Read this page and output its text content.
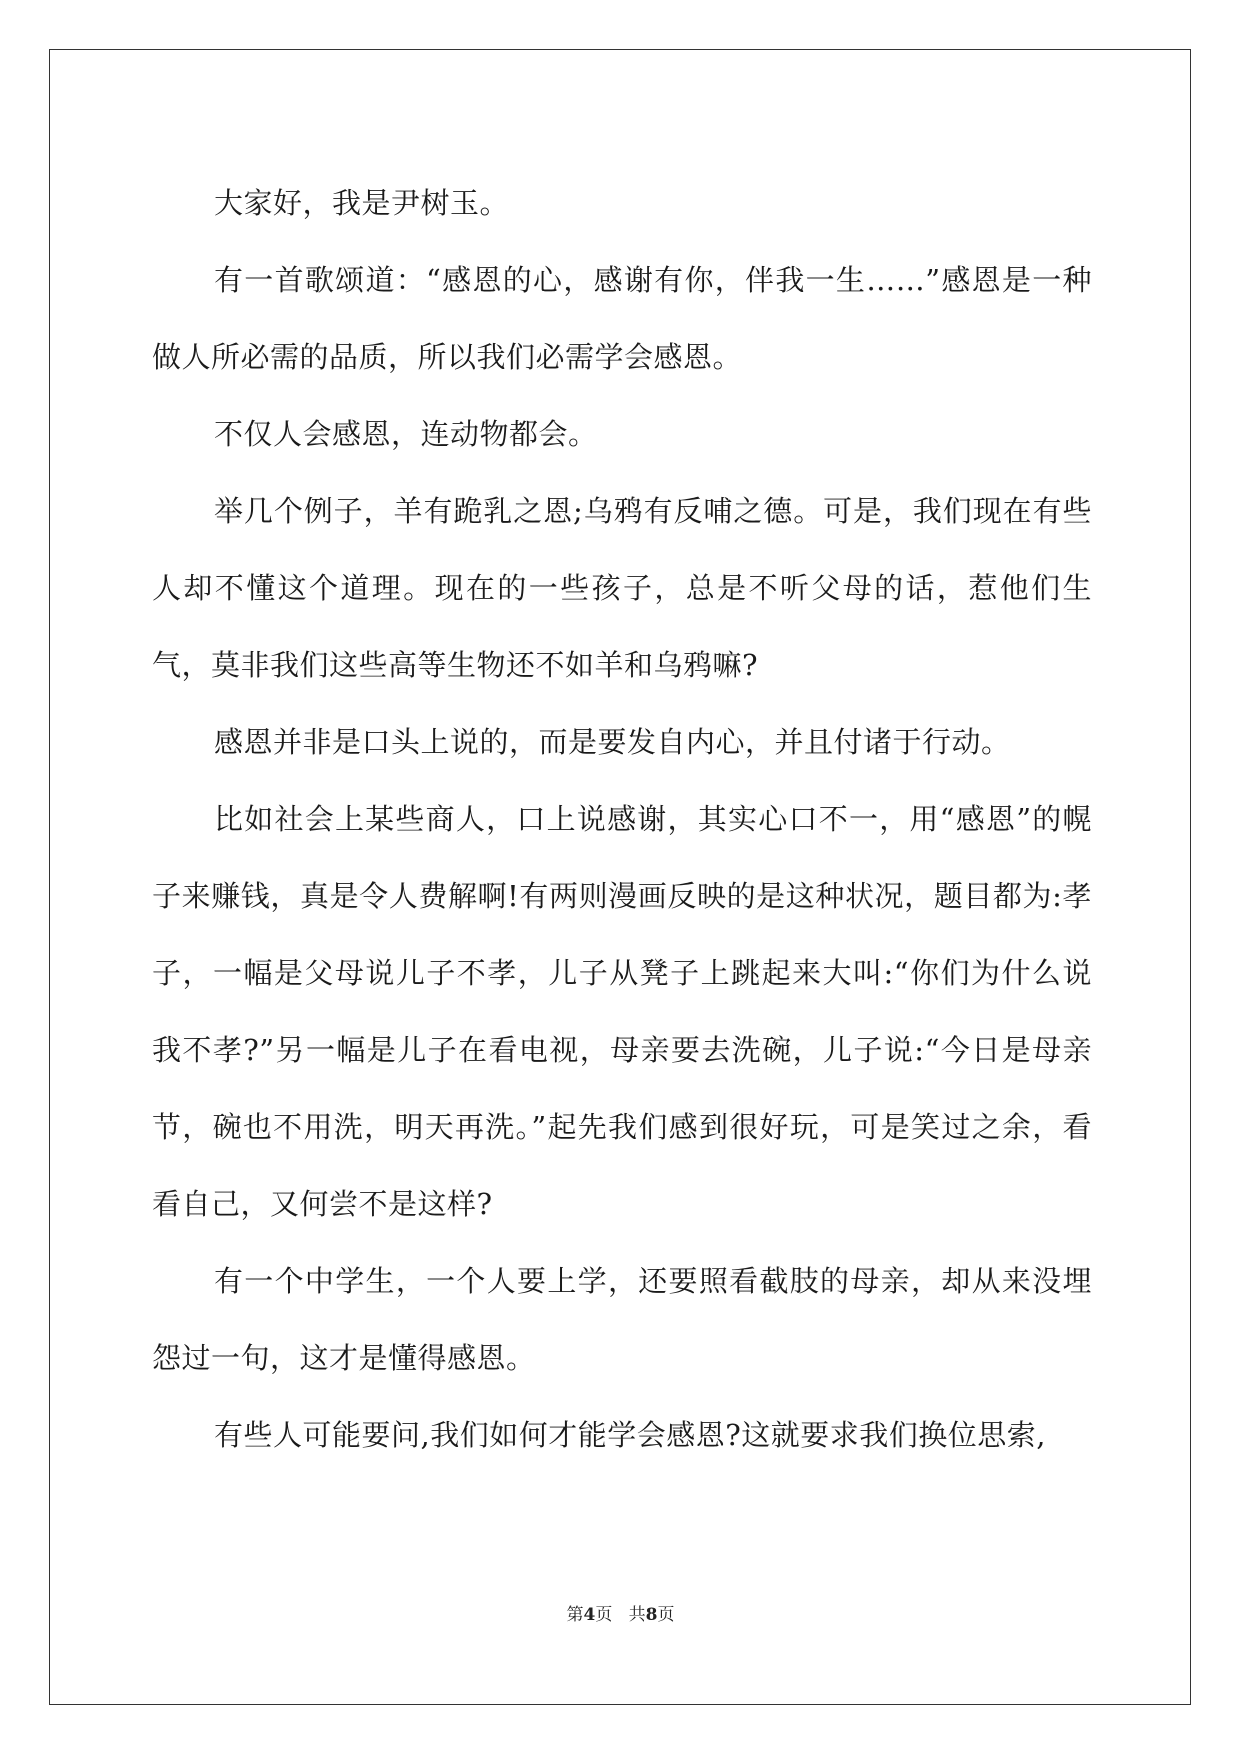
大家好，我是尹树玉。

有一首歌颂道：“感恩的心，感谢有你，伴我一生……”感恩是一种做人所必需的品质，所以我们必需学会感恩。

不仅人会感恩，连动物都会。

举几个例子，羊有跪乳之恩;乌鸦有反哺之德。可是，我们现在有些人却不懂这个道理。现在的一些孩子，总是不听父母的话，惹他们生气，莫非我们这些高等生物还不如羊和乌鸦嘛?

感恩并非是口头上说的，而是要发自内心，并且付诸于行动。

比如社会上某些商人，口上说感谢，其实心口不一，用“感恩”的幌子来赚钱，真是令人费解啊!有两则漫画反映的是这种状况，题目都为:孝子，一幅是父母说儿子不孝，儿子从凳子上跳起来大叫:“你们为什么说我不孝?”另一幅是儿子在看电视，母亲要去洗碗，儿子说:“今日是母亲节，碗也不用洗，明天再洗。”起先我们感到很好玩，可是笑过之余，看看自己，又何尝不是这样?

有一个中学生，一个人要上学，还要照看截肢的母亲，却从来没埋怨过一句，这才是懂得感恩。

有些人可能要问,我们如何才能学会感恩?这就要求我们换位思索,

第4页   共8页
